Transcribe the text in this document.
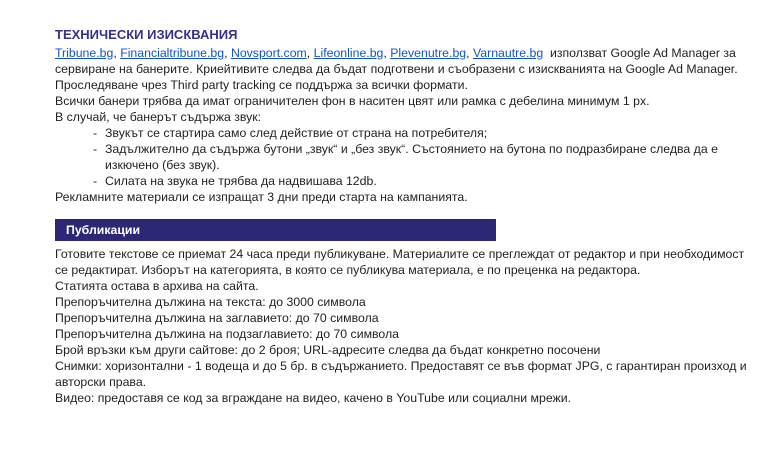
ТЕХНИЧЕСКИ ИЗИСКВАНИЯ

Tribune.bg, Financialtribune.bg, Novsport.com, Lifeonline.bg, Plevenutre.bg, Varnautre.bg  използват Google Ad Manager за сервиране на банерите. Криейтивите следва да бъдат подготвени и съобразени с изискванията на Google Ad Manager. Проследяване чрез Third party tracking се поддържа за всички формати.

Всички банери трябва да имат ограничителен фон в наситен цвят или рамка с дебелина минимум 1 px.

В случай, че банерът съдържа звук:

- Звукът се стартира само след действие от страна на потребителя;
- Задължително да съдържа бутони „звук“ и „без звук“. Състоянието на бутона по подразбиране следва да е изкючено (без звук).
- Силата на звука не трябва да надвишава 12db.

Рекламните материали се изпращат 3 дни преди старта на кампанията.

Публикации

Готовите текстове се приемат 24 часа преди публикуване. Материалите се преглеждат от редактор и при необходимост се редактират. Изборът на категорията, в която се публикува материала, е по преценка на редактора.

Статията остава в архива на сайта.

Препоръчителна дължина на текста: до 3000 символа

Препоръчителна дължина на заглавието: до 70 символа

Препоръчителна дължина на подзаглавието: до 70 символа

Брой връзки към други сайтове: до 2 броя; URL-адресите следва да бъдат конкретно посочени

Снимки: хоризонтални - 1 водеща и до 5 бр. в съдържанието. Предоставят се във формат JPG, с гарантиран произход и авторски права.

Видео: предоставя се код за вграждане на видео, качено в YouTube или социални мрежи.
